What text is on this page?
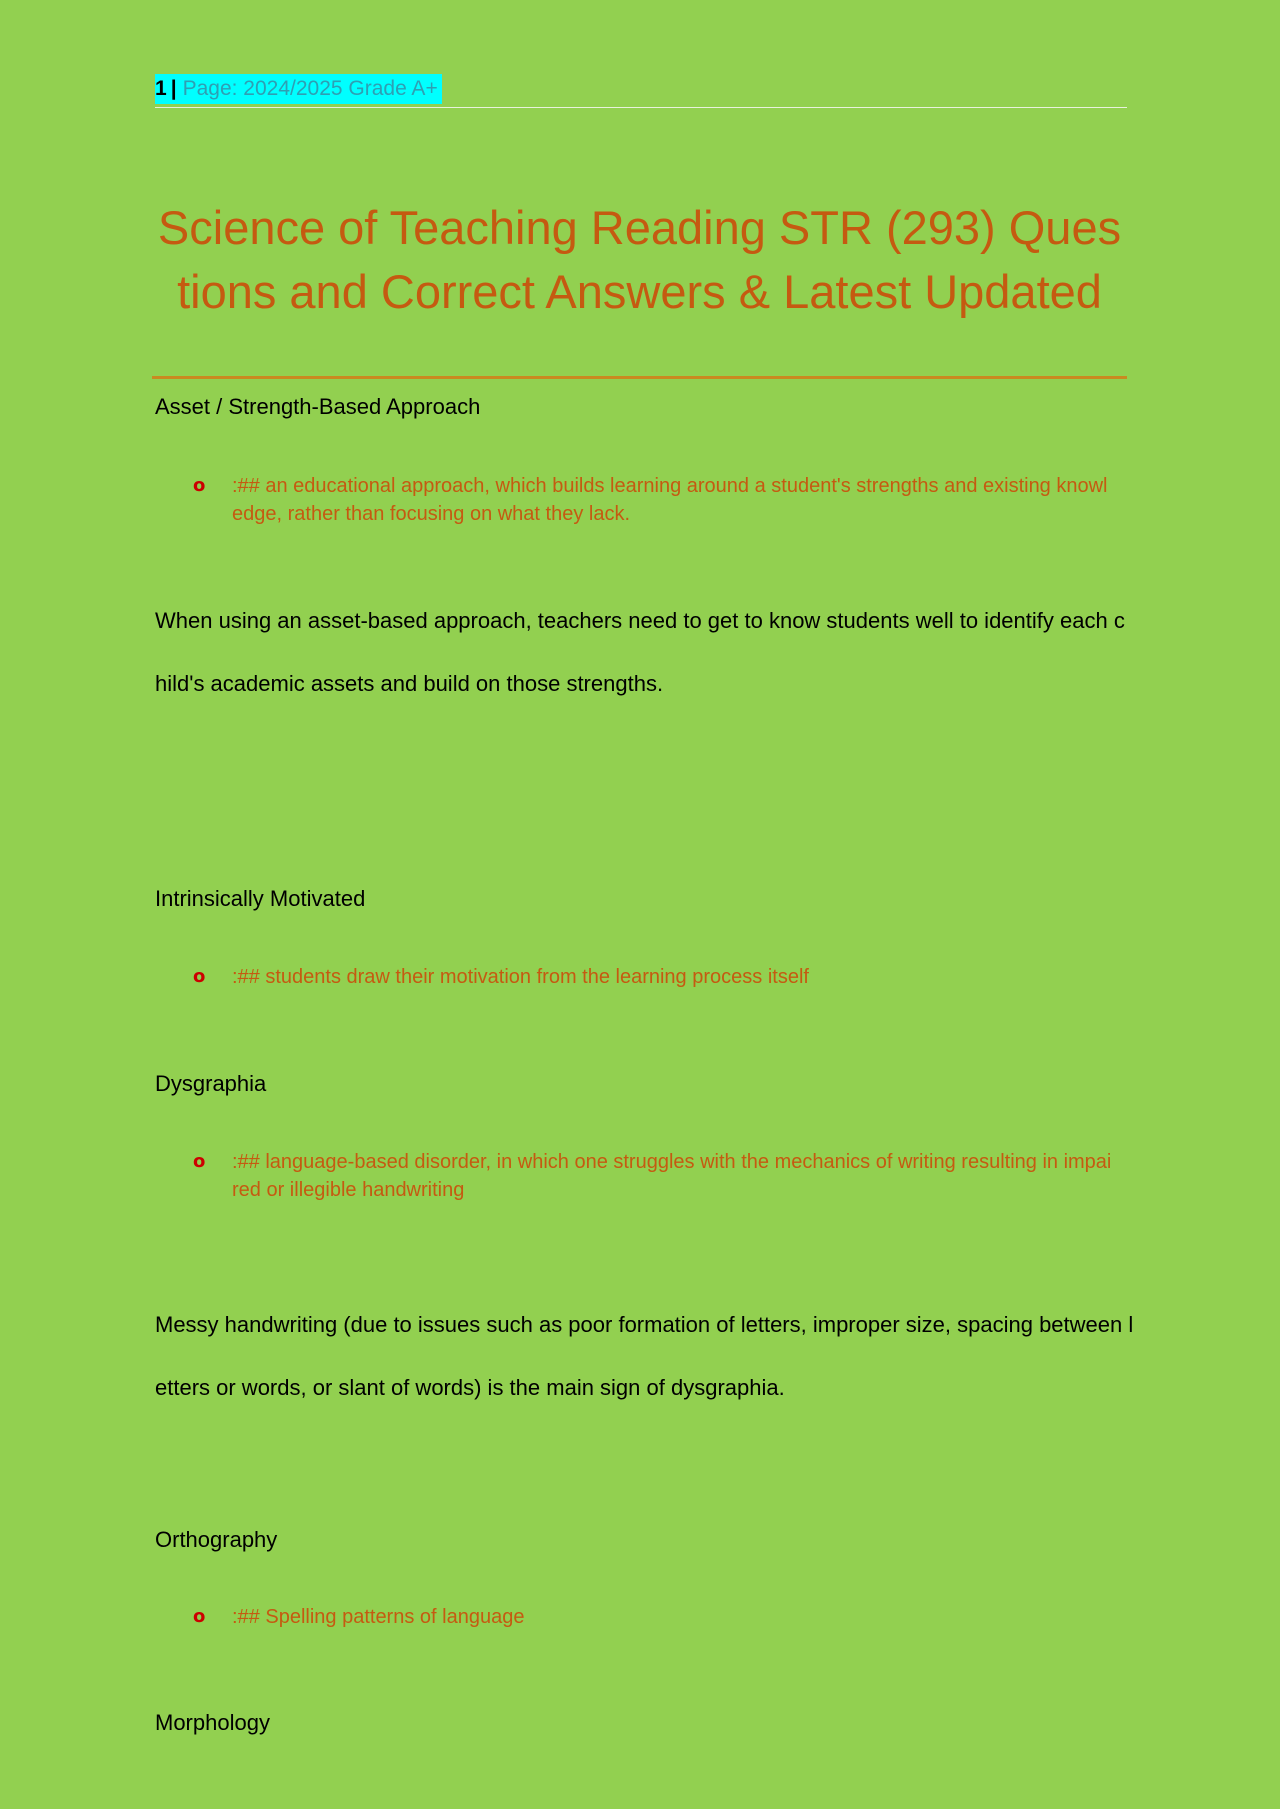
1 | Page: 2024/2025 Grade A+
Science of Teaching Reading STR (293) Questions and Correct Answers & Latest Updated
Asset / Strength-Based Approach
o :## an educational approach, which builds learning around a student's strengths and existing knowledge, rather than focusing on what they lack.
When using an asset-based approach, teachers need to get to know students well to identify each child's academic assets and build on those strengths.
Intrinsically Motivated
o :## students draw their motivation from the learning process itself
Dysgraphia
o :## language-based disorder, in which one struggles with the mechanics of writing resulting in impaired or illegible handwriting
Messy handwriting (due to issues such as poor formation of letters, improper size, spacing between letters or words, or slant of words) is the main sign of dysgraphia.
Orthography
o :## Spelling patterns of language
Morphology
